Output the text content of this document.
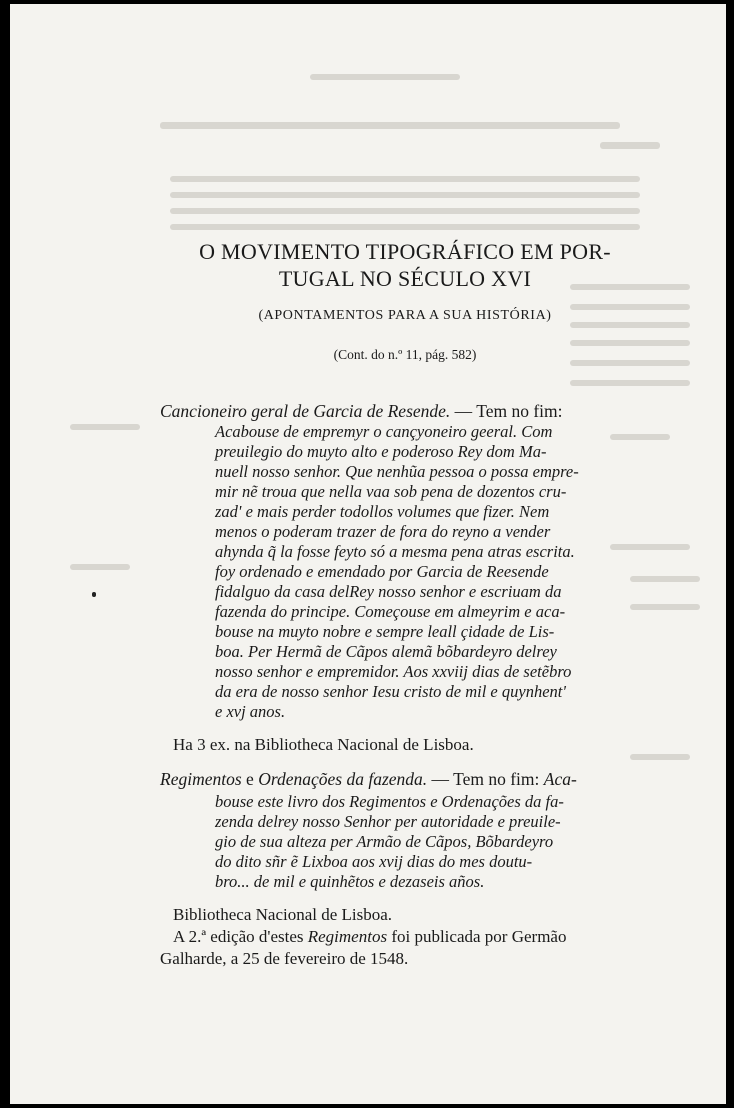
O MOVIMENTO TIPOGRÁFICO EM POR-
TUGAL NO SÉCULO XVI

(APONTAMENTOS PARA A SUA HISTÓRIA)

(Cont. do n.º 11, pág. 582)

Cancioneiro geral de Garcia de Resende. — Tem no fim:

Acabouse de empremyr o cançyoneiro geeral. Com

preuilegio do muyto alto e poderoso Rey dom Ma-

nuell nosso senhor. Que nenhũa pessoa o possa empre-

mir nẽ troua que nella vaa sob pena de dozentos cru-

zad' e mais perder todollos volumes que fizer. Nem

menos o poderam trazer de fora do reyno a vender

ahynda q̃ la fosse feyto só a mesma pena atras escrita.

foy ordenado e emendado por Garcia de Reesende

fidalguo da casa delRey nosso senhor e escriuam da

fazenda do principe. Começouse em almeyrim e aca-

bouse na muyto nobre e sempre leall çidade de Lis-

boa. Per Hermã de Cãpos alemã bõbardeyro delrey

nosso senhor e empremidor. Aos xxviij dias de setẽbro

da era de nosso senhor Iesu cristo de mil e quynhent'

e xvj anos.

Ha 3 ex. na Bibliotheca Nacional de Lisboa.

Regimentos e Ordenações da fazenda. — Tem no fim: Aca-

bouse este livro dos Regimentos e Ordenações da fa-

zenda delrey nosso Senhor per autoridade e preuile-

gio de sua alteza per Armão de Cãpos, Bõbardeyro

do dito sñr ẽ Lixboa aos xvij dias do mes doutu-

bro... de mil e quinhẽtos e dezaseis años.

Bibliotheca Nacional de Lisboa.

A 2.ª edição d'estes Regimentos foi publicada por Germão

Galharde, a 25 de fevereiro de 1548.
